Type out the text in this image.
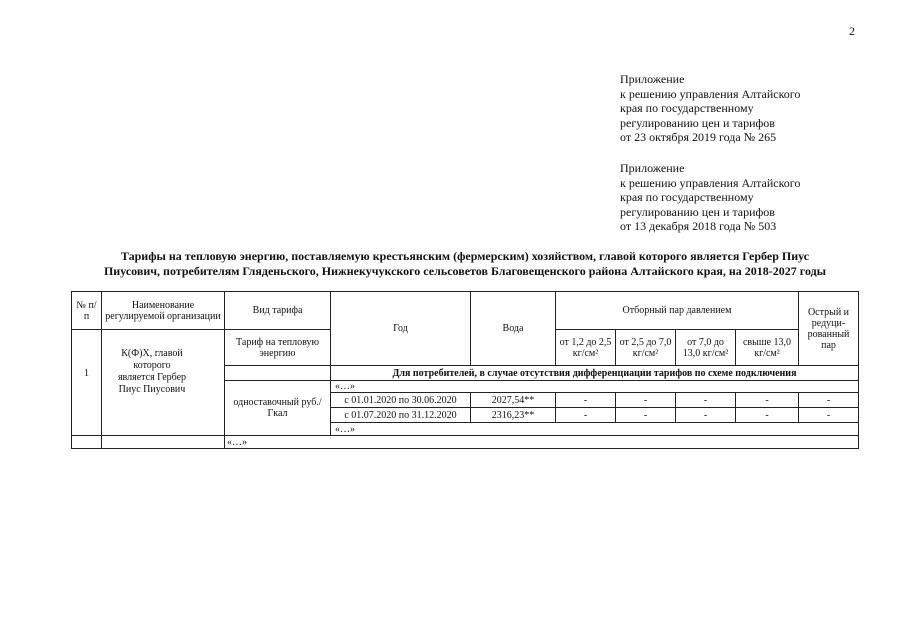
2
Приложение
к решению управления Алтайского
края по государственному
регулированию цен и тарифов
от 23 октября 2019 года № 265
Приложение
к решению управления Алтайского
края по государственному
регулированию цен и тарифов
от 13 декабря 2018 года № 503
Тарифы на тепловую энергию, поставляемую крестьянским (фермерским) хозяйством, главой которого является Гербер Пиус
Пиусович, потребителям Гляденьского, Нижнекучукского сельсоветов Благовещенского района Алтайского края, на 2018-2027 годы
№ п/п	Наименование регулируемой организации	Вид тарифа	Год	Вода	Отборный пар давлением				Острый и редуци- рованный пар

1	К(Ф)Х, главой которого является Гербер Пиус Пиусович	Тариф на тепловую энергию			от 1,2 до 2,5 кг/см²	от 2,5 до 7,0 кг/см²	от 7,0 до 13,0 кг/см²	свыше 13,0 кг/см²	
			Для потребителей, в случае отсутствия дифференциации тарифов по схеме подключения						
		одноставочный руб./Гкал	«…»						
			с 01.01.2020 по 30.06.2020	2027,54**	-	-	-	-	-
			с 01.07.2020 по 31.12.2020	2316,23**	-	-	-	-	-
			«…»						
		«…»							
